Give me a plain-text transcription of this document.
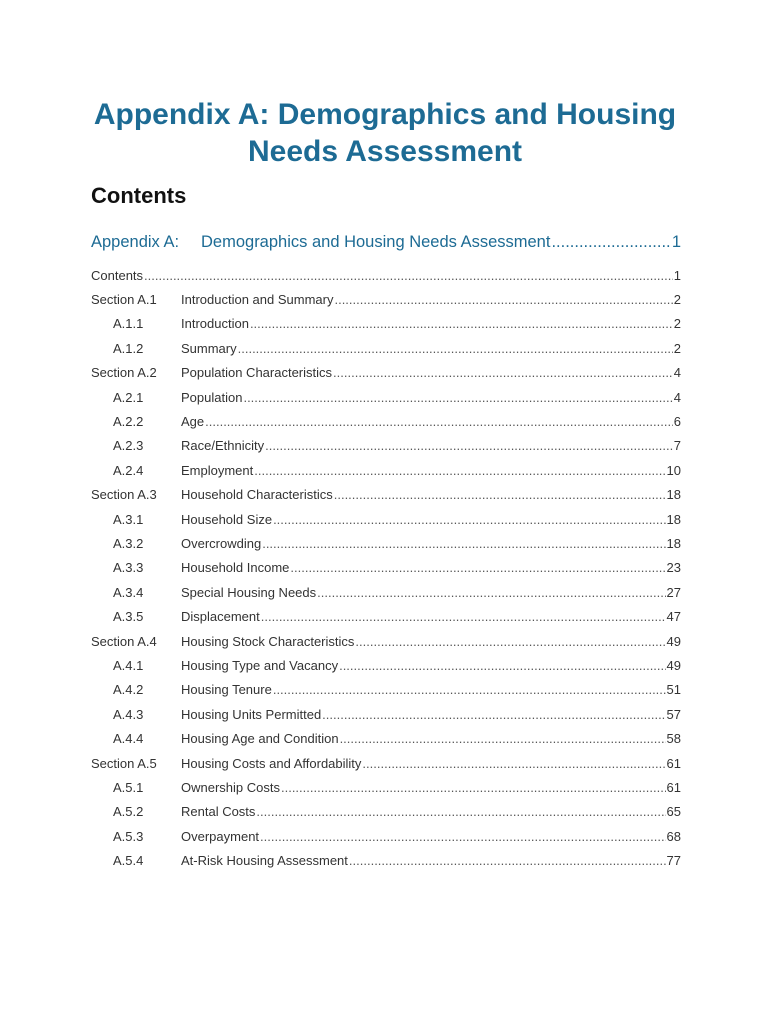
Appendix A: Demographics and Housing
Needs Assessment
Contents
Appendix A:	Demographics and Housing Needs Assessment .....	1
Contents .....	1
Section A.1	Introduction and Summary .....	2
A.1.1	Introduction .....	2
A.1.2	Summary .....	2
Section A.2	Population Characteristics .....	4
A.2.1	Population .....	4
A.2.2	Age .....	6
A.2.3	Race/Ethnicity .....	7
A.2.4	Employment .....	10
Section A.3	Household Characteristics .....	18
A.3.1	Household Size .....	18
A.3.2	Overcrowding .....	18
A.3.3	Household Income .....	23
A.3.4	Special Housing Needs .....	27
A.3.5	Displacement .....	47
Section A.4	Housing Stock Characteristics .....	49
A.4.1	Housing Type and Vacancy .....	49
A.4.2	Housing Tenure .....	51
A.4.3	Housing Units Permitted .....	57
A.4.4	Housing Age and Condition .....	58
Section A.5	Housing Costs and Affordability .....	61
A.5.1	Ownership Costs .....	61
A.5.2	Rental Costs .....	65
A.5.3	Overpayment .....	68
A.5.4	At-Risk Housing Assessment .....	77
